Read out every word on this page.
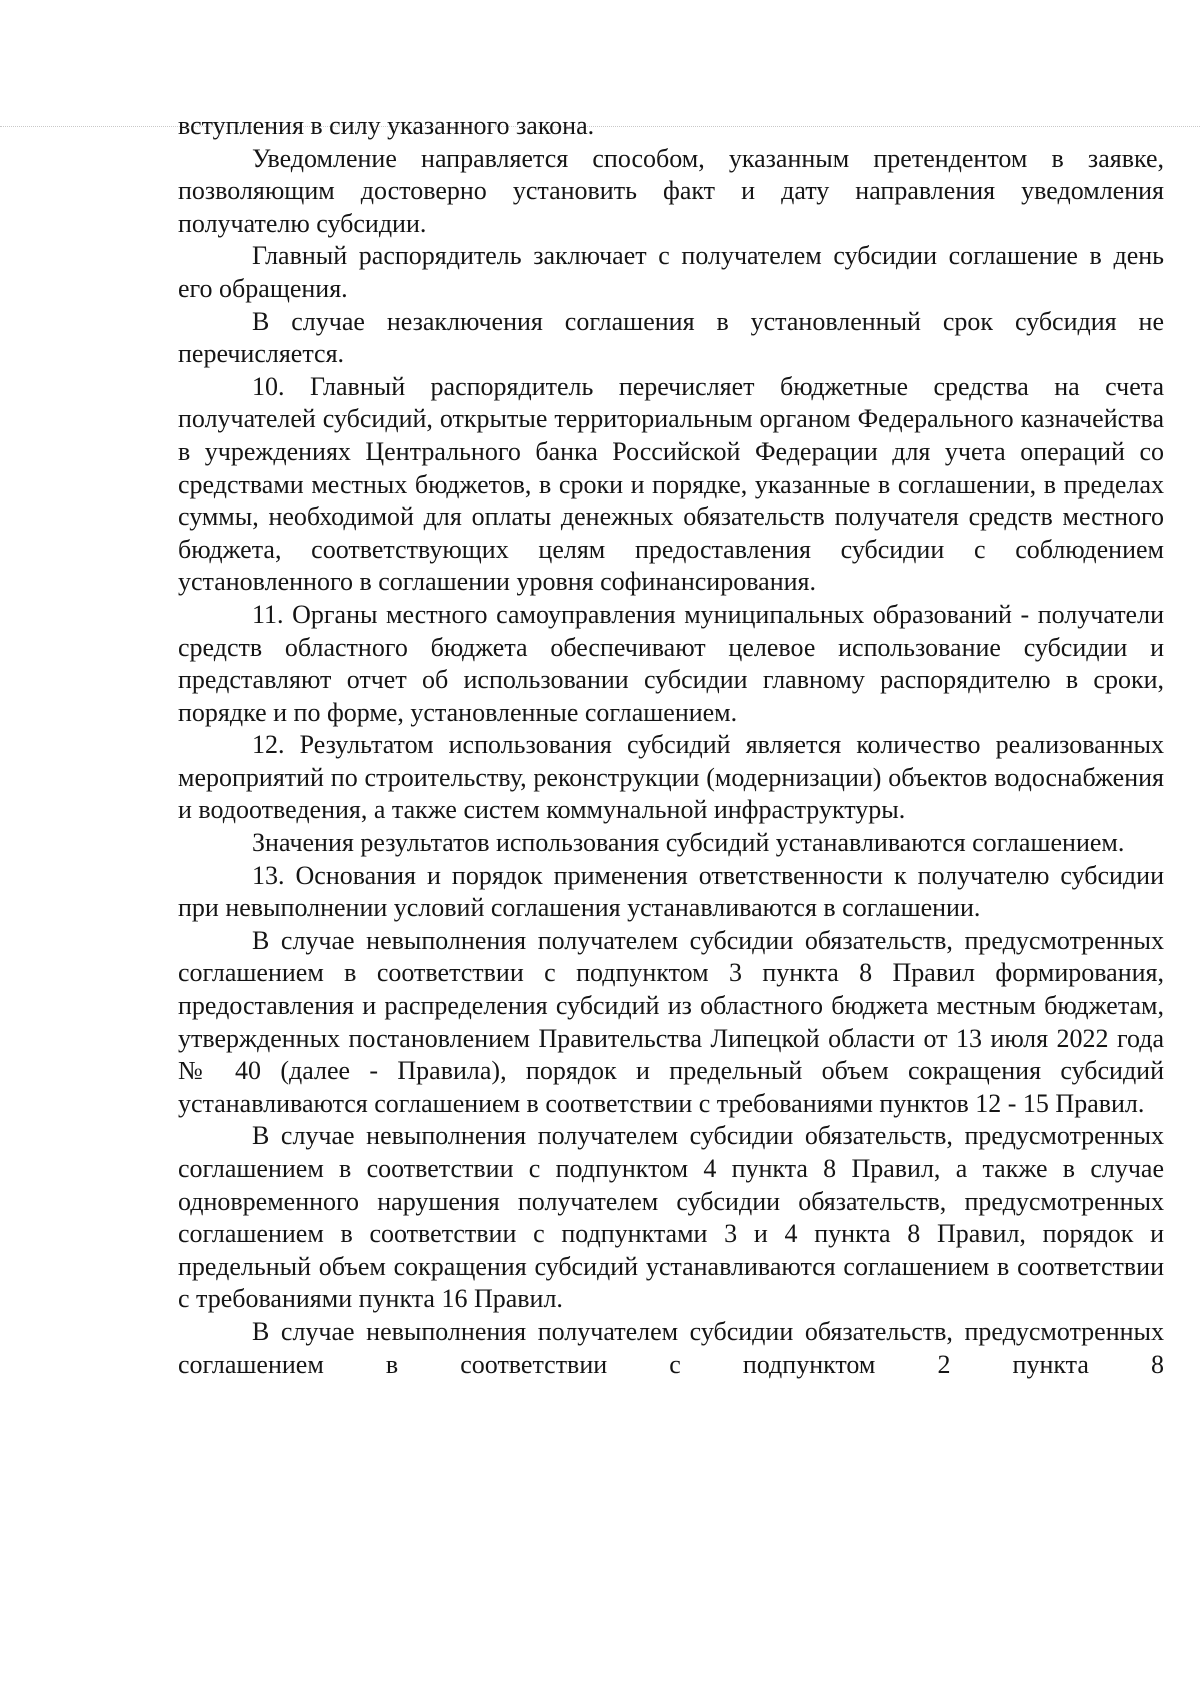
вступления в силу указанного закона.

Уведомление направляется способом, указанным претендентом в заявке, позволяющим достоверно установить факт и дату направления уведомления получателю субсидии.

Главный распорядитель заключает с получателем субсидии соглашение в день его обращения.

В случае незаключения соглашения в установленный срок субсидия не перечисляется.

10. Главный распорядитель перечисляет бюджетные средства на счета получателей субсидий, открытые территориальным органом Федерального казначейства в учреждениях Центрального банка Российской Федерации для учета операций со средствами местных бюджетов, в сроки и порядке, указанные в соглашении, в пределах суммы, необходимой для оплаты денежных обязательств получателя средств местного бюджета, соответствующих целям предоставления субсидии с соблюдением установленного в соглашении уровня софинансирования.

11. Органы местного самоуправления муниципальных образований - получатели средств областного бюджета обеспечивают целевое использование субсидии и представляют отчет об использовании субсидии главному распорядителю в сроки, порядке и по форме, установленные соглашением.

12. Результатом использования субсидий является количество реализованных мероприятий по строительству, реконструкции (модернизации) объектов водоснабжения и водоотведения, а также систем коммунальной инфраструктуры.

Значения результатов использования субсидий устанавливаются соглашением.

13. Основания и порядок применения ответственности к получателю субсидии при невыполнении условий соглашения устанавливаются в соглашении.

В случае невыполнения получателем субсидии обязательств, предусмотренных соглашением в соответствии с подпунктом 3 пункта 8 Правил формирования, предоставления и распределения субсидий из областного бюджета местным бюджетам, утвержденных постановлением Правительства Липецкой области от 13 июля 2022 года № 40 (далее - Правила), порядок и предельный объем сокращения субсидий устанавливаются соглашением в соответствии с требованиями пунктов 12 - 15 Правил.

В случае невыполнения получателем субсидии обязательств, предусмотренных соглашением в соответствии с подпунктом 4 пункта 8 Правил, а также в случае одновременного нарушения получателем субсидии обязательств, предусмотренных соглашением в соответствии с подпунктами 3 и 4 пункта 8 Правил, порядок и предельный объем сокращения субсидий устанавливаются соглашением в соответствии с требованиями пункта 16 Правил.

В случае невыполнения получателем субсидии обязательств, предусмотренных соглашением в соответствии с подпунктом 2 пункта 8
